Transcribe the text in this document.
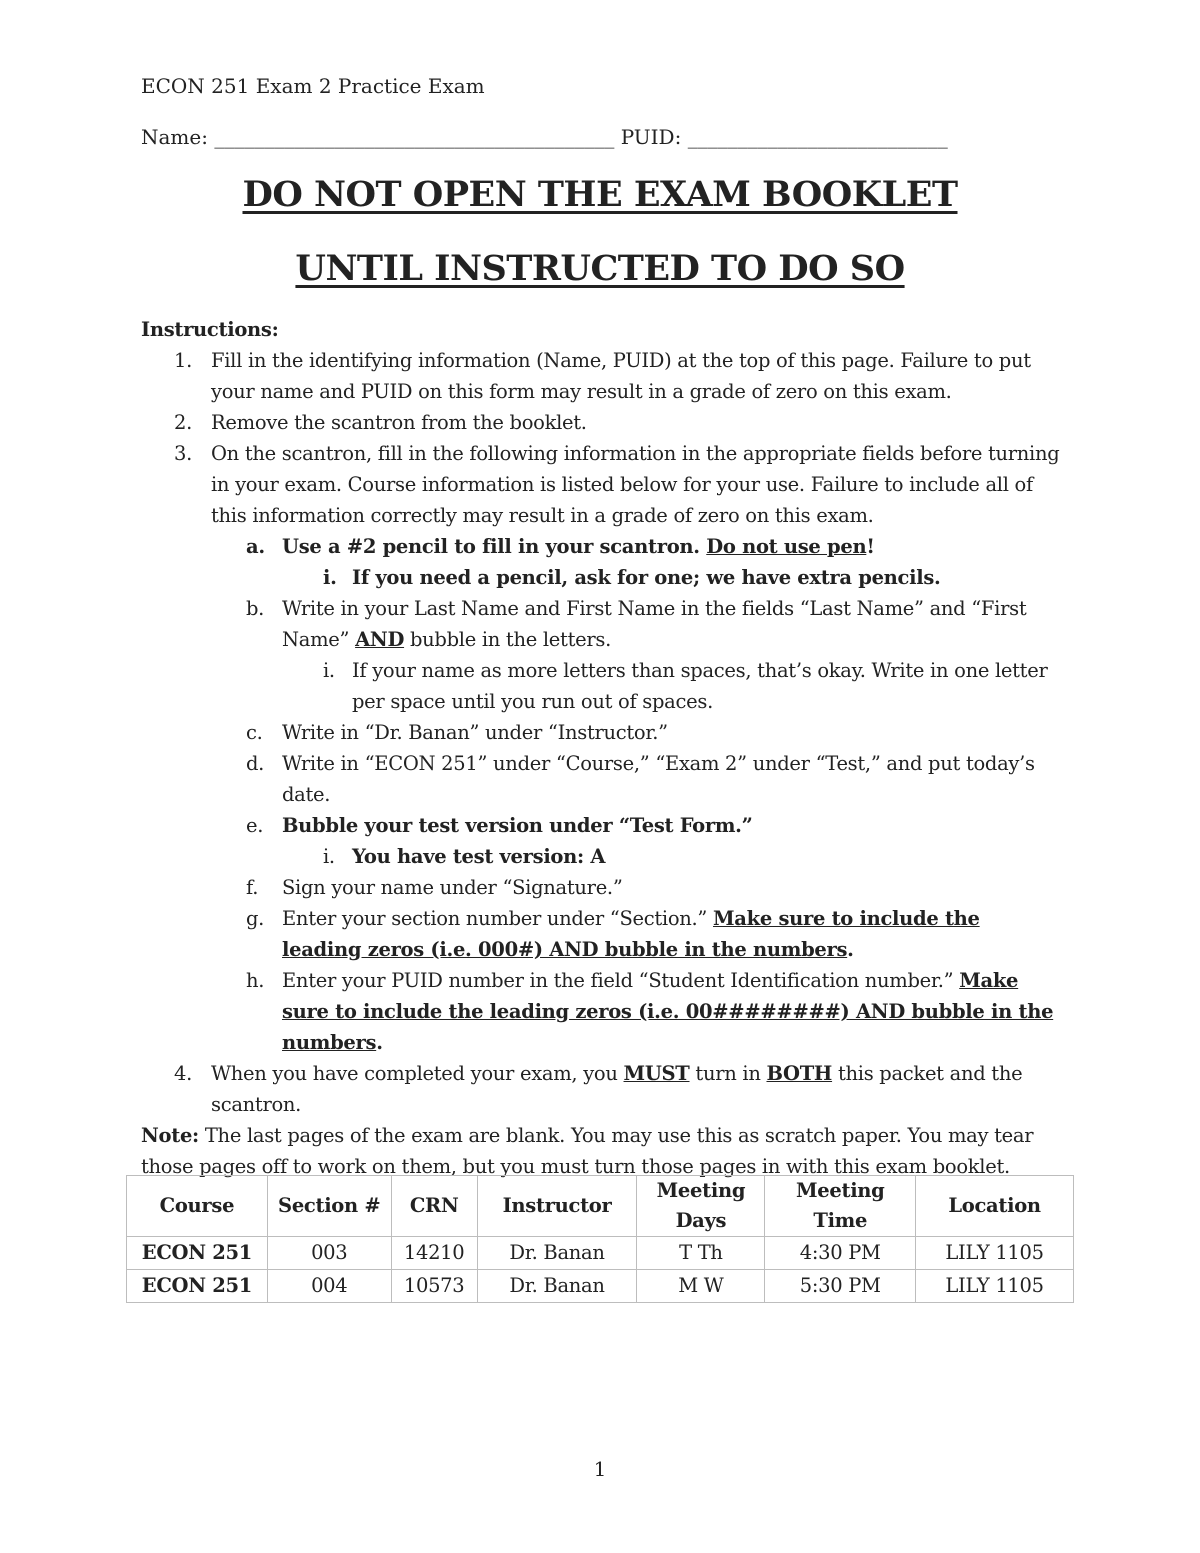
ECON 251 Exam 2 Practice Exam
Name: ________________________________________ PUID: __________________________
DO NOT OPEN THE EXAM BOOKLET
UNTIL INSTRUCTED TO DO SO
Instructions:
1. Fill in the identifying information (Name, PUID) at the top of this page. Failure to put your name and PUID on this form may result in a grade of zero on this exam.
2. Remove the scantron from the booklet.
3. On the scantron, fill in the following information in the appropriate fields before turning in your exam. Course information is listed below for your use. Failure to include all of this information correctly may result in a grade of zero on this exam.
a. Use a #2 pencil to fill in your scantron. Do not use pen!
i. If you need a pencil, ask for one; we have extra pencils.
b. Write in your Last Name and First Name in the fields “Last Name” and “First Name” AND bubble in the letters.
i. If your name as more letters than spaces, that’s okay. Write in one letter per space until you run out of spaces.
c. Write in “Dr. Banan” under “Instructor.”
d. Write in “ECON 251” under “Course,” “Exam 2” under “Test,” and put today’s date.
e. Bubble your test version under “Test Form.”
i. You have test version: A
f. Sign your name under “Signature.”
g. Enter your section number under “Section.” Make sure to include the leading zeros (i.e. 000#) AND bubble in the numbers.
h. Enter your PUID number in the field “Student Identification number.” Make sure to include the leading zeros (i.e. 00########) AND bubble in the numbers.
4. When you have completed your exam, you MUST turn in BOTH this packet and the scantron.
Note: The last pages of the exam are blank. You may use this as scratch paper. You may tear those pages off to work on them, but you must turn those pages in with this exam booklet.
Course	Section #	CRN	Instructor	Meeting Days	Meeting Time	Location
ECON 251	003	14210	Dr. Banan	T Th	4:30 PM	LILY 1105
ECON 251	004	10573	Dr. Banan	M W	5:30 PM	LILY 1105
1
